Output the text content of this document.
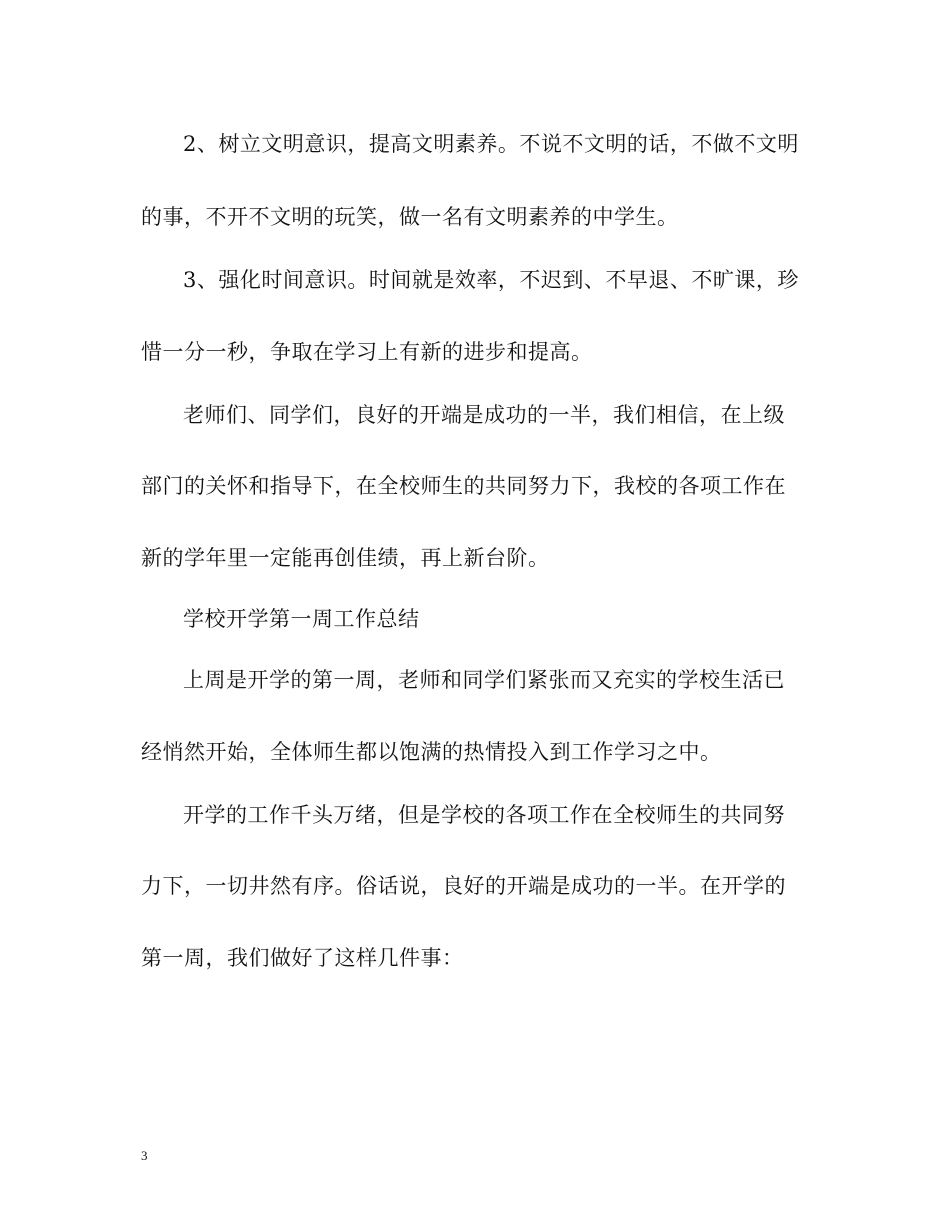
2、树立文明意识，提高文明素养。不说不文明的话，不做不文明
的事，不开不文明的玩笑，做一名有文明素养的中学生。
3、强化时间意识。时间就是效率，不迟到、不早退、不旷课，珍
惜一分一秒，争取在学习上有新的进步和提高。
老师们、同学们，良好的开端是成功的一半，我们相信，在上级
部门的关怀和指导下，在全校师生的共同努力下，我校的各项工作在
新的学年里一定能再创佳绩，再上新台阶。
学校开学第一周工作总结
上周是开学的第一周，老师和同学们紧张而又充实的学校生活已
经悄然开始，全体师生都以饱满的热情投入到工作学习之中。
开学的工作千头万绪，但是学校的各项工作在全校师生的共同努
力下，一切井然有序。俗话说，良好的开端是成功的一半。在开学的
第一周，我们做好了这样几件事：
3
